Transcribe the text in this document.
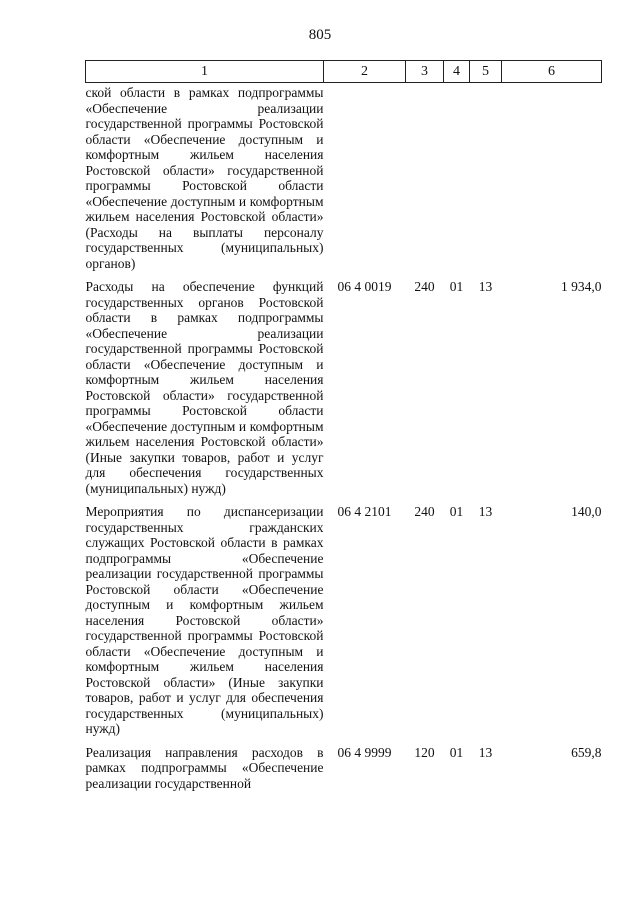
805
1	2	3	4	5	6

ской области в рамках подпрограммы «Обеспечение реализации государственной программы Ростовской области «Обеспечение доступным и комфортным жильем населения Ростовской области» государственной программы Ростовской области «Обеспечение доступным и комфортным жильем населения Ростовской области» (Расходы на выплаты персоналу государственных (муниципальных) органов)					

Расходы на обеспечение функций государственных органов Ростовской области в рамках подпрограммы «Обеспечение реализации государственной программы Ростовской области «Обеспечение доступным и комфортным жильем населения Ростовской области» государственной программы Ростовской области «Обеспечение доступным и комфортным жильем населения Ростовской области» (Иные закупки товаров, работ и услуг для обеспечения государственных (муниципальных) нужд)	06 4 0019	240	01	13	1 934,0

Мероприятия по диспансеризации государственных гражданских служащих Ростовской области в рамках подпрограммы «Обеспечение реализации государственной программы Ростовской области «Обеспечение доступным и комфортным жильем населения Ростовской области» государственной программы Ростовской области «Обеспечение доступным и комфортным жильем населения Ростовской области» (Иные закупки товаров, работ и услуг для обеспечения государственных (муниципальных) нужд)	06 4 2101	240	01	13	140,0

Реализация направления расходов в рамках подпрограммы «Обеспечение реализации государственной	06 4 9999	120	01	13	659,8
